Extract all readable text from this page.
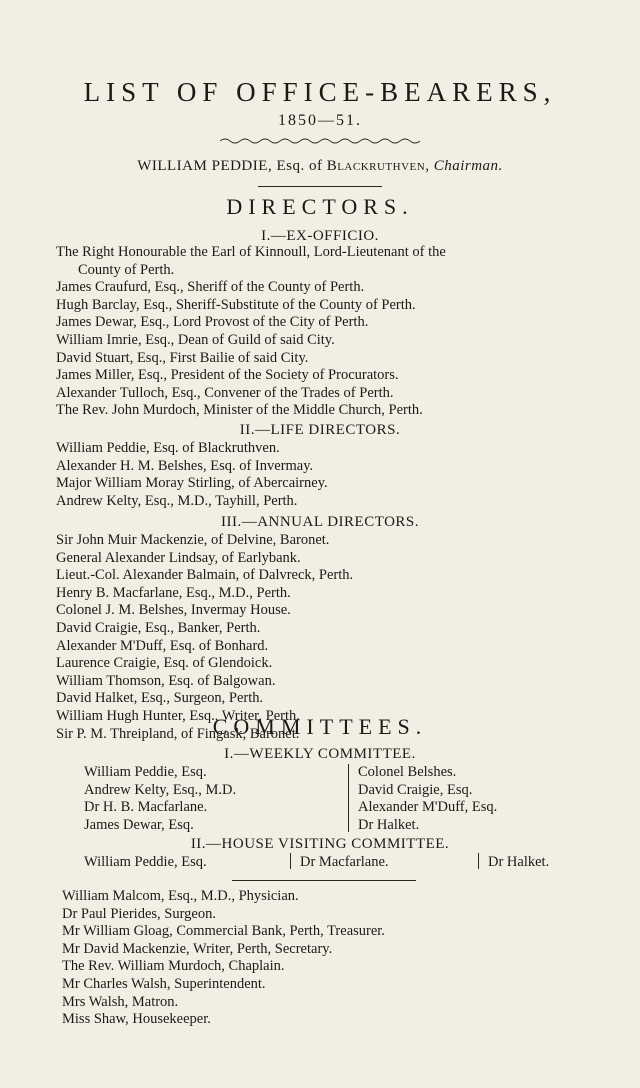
LIST OF OFFICE-BEARERS,
1850—51.
WILLIAM PEDDIE, Esq. of Blackruthven, Chairman.
DIRECTORS.
I.—EX-OFFICIO.
The Right Honourable the Earl of Kinnoull, Lord-Lieutenant of the
County of Perth.
James Craufurd, Esq., Sheriff of the County of Perth.
Hugh Barclay, Esq., Sheriff-Substitute of the County of Perth.
James Dewar, Esq., Lord Provost of the City of Perth.
William Imrie, Esq., Dean of Guild of said City.
David Stuart, Esq., First Bailie of said City.
James Miller, Esq., President of the Society of Procurators.
Alexander Tulloch, Esq., Convener of the Trades of Perth.
The Rev. John Murdoch, Minister of the Middle Church, Perth.
II.—LIFE DIRECTORS.
William Peddie, Esq. of Blackruthven.
Alexander H. M. Belshes, Esq. of Invermay.
Major William Moray Stirling, of Abercairney.
Andrew Kelty, Esq., M.D., Tayhill, Perth.
III.—ANNUAL DIRECTORS.
Sir John Muir Mackenzie, of Delvine, Baronet.
General Alexander Lindsay, of Earlybank.
Lieut.-Col. Alexander Balmain, of Dalvreck, Perth.
Henry B. Macfarlane, Esq., M.D., Perth.
Colonel J. M. Belshes, Invermay House.
David Craigie, Esq., Banker, Perth.
Alexander M'Duff, Esq. of Bonhard.
Laurence Craigie, Esq. of Glendoick.
William Thomson, Esq. of Balgowan.
David Halket, Esq., Surgeon, Perth.
William Hugh Hunter, Esq., Writer, Perth.
Sir P. M. Threipland, of Fingask, Baronet.
COMMITTEES.
I.—WEEKLY COMMITTEE.
William Peddie, Esq.
Andrew Kelty, Esq., M.D.
Dr H. B. Macfarlane.
James Dewar, Esq.
Colonel Belshes.
David Craigie, Esq.
Alexander M'Duff, Esq.
Dr Halket.
II.—HOUSE VISITING COMMITTEE.
William Peddie, Esq.	Dr Macfarlane.	Dr Halket.
William Malcom, Esq., M.D., Physician.
Dr Paul Pierides, Surgeon.
Mr William Gloag, Commercial Bank, Perth, Treasurer.
Mr David Mackenzie, Writer, Perth, Secretary.
The Rev. William Murdoch, Chaplain.
Mr Charles Walsh, Superintendent.
Mrs Walsh, Matron.
Miss Shaw, Housekeeper.
